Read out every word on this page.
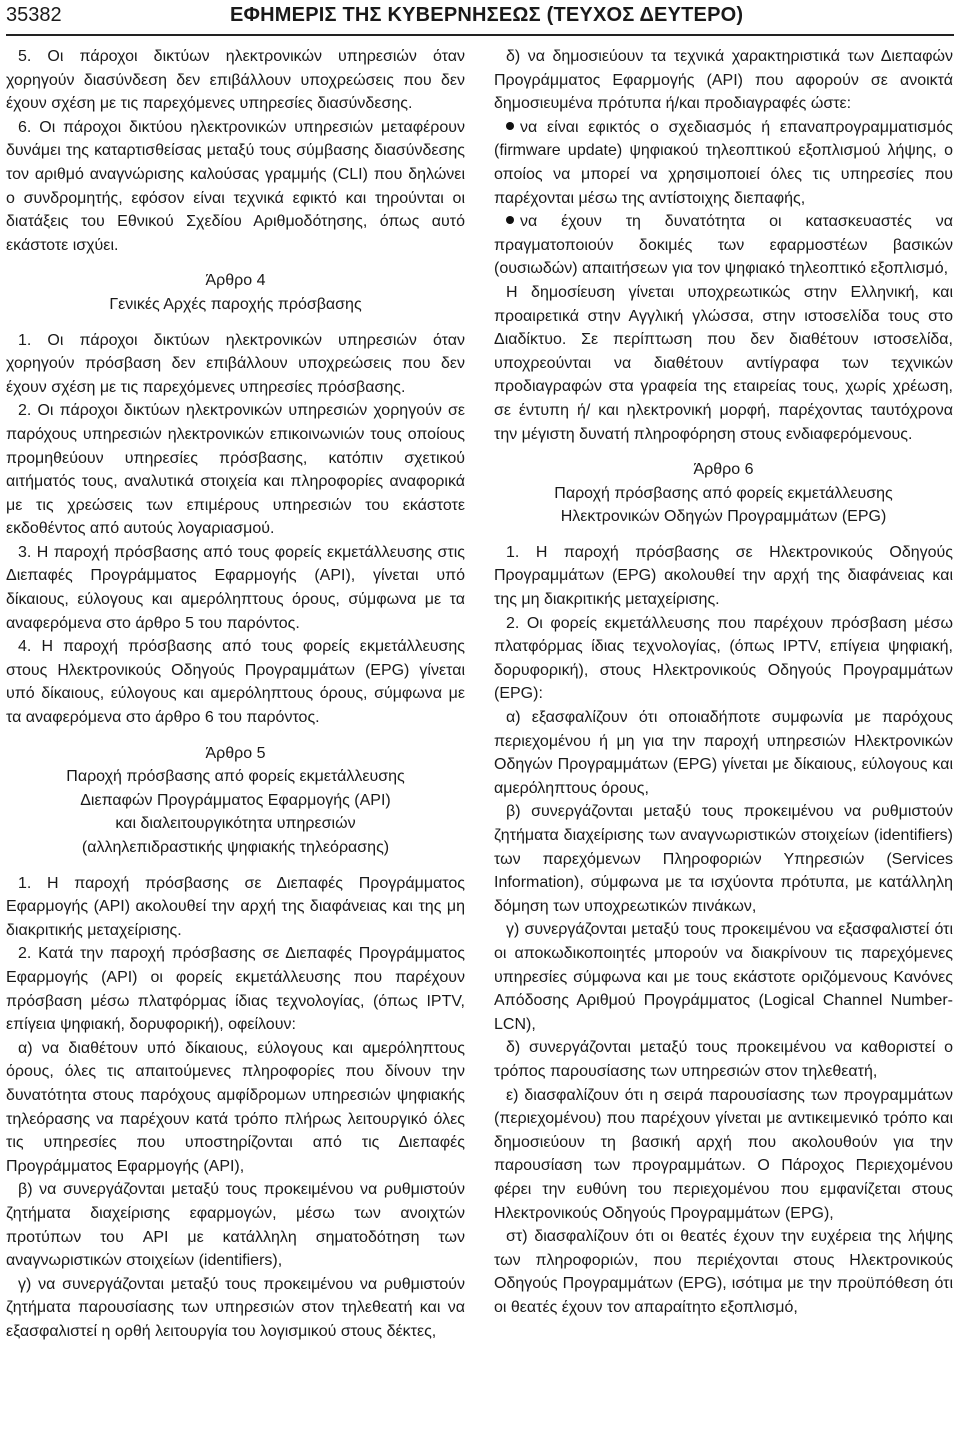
35382	ΕΦΗΜΕΡΙΣ ΤΗΣ ΚΥΒΕΡΝΗΣΕΩΣ (ΤΕΥΧΟΣ ΔΕΥΤΕΡΟ)

5. Οι πάροχοι δικτύων ηλεκτρονικών υπηρεσιών όταν χορηγούν διασύνδεση δεν επιβάλλουν υποχρεώσεις που δεν έχουν σχέση με τις παρεχόμενες υπηρεσίες διασύνδεσης.

6. Οι πάροχοι δικτύου ηλεκτρονικών υπηρεσιών μεταφέρουν δυνάμει της καταρτισθείσας μεταξύ τους σύμβασης διασύνδεσης τον αριθμό αναγνώρισης καλούσας γραμμής (CLI) που δηλώνει ο συνδρομητής, εφόσον είναι τεχνικά εφικτό και τηρούνται οι διατάξεις του Εθνικού Σχεδίου Αριθμοδότησης, όπως αυτό εκάστοτε ισχύει.

Άρθρο 4

Γενικές Αρχές παροχής πρόσβασης

1. Οι πάροχοι δικτύων ηλεκτρονικών υπηρεσιών όταν χορηγούν πρόσβαση δεν επιβάλλουν υποχρεώσεις που δεν έχουν σχέση με τις παρεχόμενες υπηρεσίες πρόσβασης.

2. Οι πάροχοι δικτύων ηλεκτρονικών υπηρεσιών χορηγούν σε παρόχους υπηρεσιών ηλεκτρονικών επικοινωνιών τους οποίους προμηθεύουν υπηρεσίες πρόσβασης, κατόπιν σχετικού αιτήματός τους, αναλυτικά στοιχεία και πληροφορίες αναφορικά με τις χρεώσεις των επιμέρους υπηρεσιών του εκάστοτε εκδοθέντος από αυτούς λογαριασμού.

3. Η παροχή πρόσβασης από τους φορείς εκμετάλλευσης στις Διεπαφές Προγράμματος Εφαρμογής (API), γίνεται υπό δίκαιους, εύλογους και αμερόληπτους όρους, σύμφωνα με τα αναφερόμενα στο άρθρο 5 του παρόντος.

4. Η παροχή πρόσβασης από τους φορείς εκμετάλλευσης στους Ηλεκτρονικούς Οδηγούς Προγραμμάτων (EPG) γίνεται υπό δίκαιους, εύλογους και αμερόληπτους όρους, σύμφωνα με τα αναφερόμενα στο άρθρο 6 του παρόντος.

Άρθρο 5

Παροχή πρόσβασης από φορείς εκμετάλλευσης

Διεπαφών Προγράμματος Εφαρμογής (API)

και διαλειτουργικότητα υπηρεσιών

(αλληλεπιδραστικής ψηφιακής τηλεόρασης)

1. Η παροχή πρόσβασης σε Διεπαφές Προγράμματος Εφαρμογής (API) ακολουθεί την αρχή της διαφάνειας και της μη διακριτικής μεταχείρισης.

2. Κατά την παροχή πρόσβασης σε Διεπαφές Προγράμματος Εφαρμογής (API) οι φορείς εκμετάλλευσης που παρέχουν πρόσβαση μέσω πλατφόρμας ίδιας τεχνολογίας, (όπως IPTV, επίγεια ψηφιακή, δορυφορική), οφείλουν:

α) να διαθέτουν υπό δίκαιους, εύλογους και αμερόληπτους όρους, όλες τις απαιτούμενες πληροφορίες που δίνουν την δυνατότητα στους παρόχους αμφίδρομων υπηρεσιών ψηφιακής τηλεόρασης να παρέχουν κατά τρόπο πλήρως λειτουργικό όλες τις υπηρεσίες που υποστηρίζονται από τις Διεπαφές Προγράμματος Εφαρμογής (API),

β) να συνεργάζονται μεταξύ τους προκειμένου να ρυθμιστούν ζητήματα διαχείρισης εφαρμογών, μέσω των ανοιχτών προτύπων του API με κατάλληλη σηματοδότηση των αναγνωριστικών στοιχείων (identifiers),

γ) να συνεργάζονται μεταξύ τους προκειμένου να ρυθμιστούν ζητήματα παρουσίασης των υπηρεσιών στον τηλεθεατή και να εξασφαλιστεί η ορθή λειτουργία του λογισμικού στους δέκτες,

δ) να δημοσιεύουν τα τεχνικά χαρακτηριστικά των Διεπαφών Προγράμματος Εφαρμογής (API) που αφορούν σε ανοικτά δημοσιευμένα πρότυπα ή/και προδιαγραφές ώστε:

να είναι εφικτός ο σχεδιασμός ή επαναπρογραμματισμός (firmware update) ψηφιακού τηλεοπτικού εξοπλισμού λήψης, ο οποίος να μπορεί να χρησιμοποιεί όλες τις υπηρεσίες που παρέχονται μέσω της αντίστοιχης διεπαφής,

να έχουν τη δυνατότητα οι κατασκευαστές να πραγματοποιούν δοκιμές των εφαρμοστέων βασικών (ουσιωδών) απαιτήσεων για τον ψηφιακό τηλεοπτικό εξοπλισμό,

Η δημοσίευση γίνεται υποχρεωτικώς στην Ελληνική, και προαιρετικά στην Αγγλική γλώσσα, στην ιστοσελίδα τους στο Διαδίκτυο. Σε περίπτωση που δεν διαθέτουν ιστοσελίδα, υποχρεούνται να διαθέτουν αντίγραφα των τεχνικών προδιαγραφών στα γραφεία της εταιρείας τους, χωρίς χρέωση, σε έντυπη ή/ και ηλεκτρονική μορφή, παρέχοντας ταυτόχρονα την μέγιστη δυνατή πληροφόρηση στους ενδιαφερόμενους.

Άρθρο 6

Παροχή πρόσβασης από φορείς εκμετάλλευσης

Ηλεκτρονικών Οδηγών Προγραμμάτων (EPG)

1. Η παροχή πρόσβασης σε Ηλεκτρονικούς Οδηγούς Προγραμμάτων (EPG) ακολουθεί την αρχή της διαφάνειας και της μη διακριτικής μεταχείρισης.

2. Οι φορείς εκμετάλλευσης που παρέχουν πρόσβαση μέσω πλατφόρμας ίδιας τεχνολογίας, (όπως IPTV, επίγεια ψηφιακή, δορυφορική), στους Ηλεκτρονικούς Οδηγούς Προγραμμάτων (EPG):

α) εξασφαλίζουν ότι οποιαδήποτε συμφωνία με παρόχους περιεχομένου ή μη για την παροχή υπηρεσιών Ηλεκτρονικών Οδηγών Προγραμμάτων (EPG) γίνεται με δίκαιους, εύλογους και αμερόληπτους όρους,

β) συνεργάζονται μεταξύ τους προκειμένου να ρυθμιστούν ζητήματα διαχείρισης των αναγνωριστικών στοιχείων (identifiers) των παρεχόμενων Πληροφοριών Υπηρεσιών (Services Information), σύμφωνα με τα ισχύοντα πρότυπα, με κατάλληλη δόμηση των υποχρεωτικών πινάκων,

γ) συνεργάζονται μεταξύ τους προκειμένου να εξασφαλιστεί ότι οι αποκωδικοποιητές μπορούν να διακρίνουν τις παρεχόμενες υπηρεσίες σύμφωνα και με τους εκάστοτε οριζόμενους Κανόνες Απόδοσης Αριθμού Προγράμματος (Logical Channel Number-LCN),

δ) συνεργάζονται μεταξύ τους προκειμένου να καθοριστεί ο τρόπος παρουσίασης των υπηρεσιών στον τηλεθεατή,

ε) διασφαλίζουν ότι η σειρά παρουσίασης των προγραμμάτων (περιεχομένου) που παρέχουν γίνεται με αντικειμενικό τρόπο και δημοσιεύουν τη βασική αρχή που ακολουθούν για την παρουσίαση των προγραμμάτων. Ο Πάροχος Περιεχομένου φέρει την ευθύνη του περιεχομένου που εμφανίζεται στους Ηλεκτρονικούς Οδηγούς Προγραμμάτων (EPG),

στ) διασφαλίζουν ότι οι θεατές έχουν την ευχέρεια της λήψης των πληροφοριών, που περιέχονται στους Ηλεκτρονικούς Οδηγούς Προγραμμάτων (EPG), ισότιμα με την προϋπόθεση ότι οι θεατές έχουν τον απαραίτητο εξοπλισμό,
